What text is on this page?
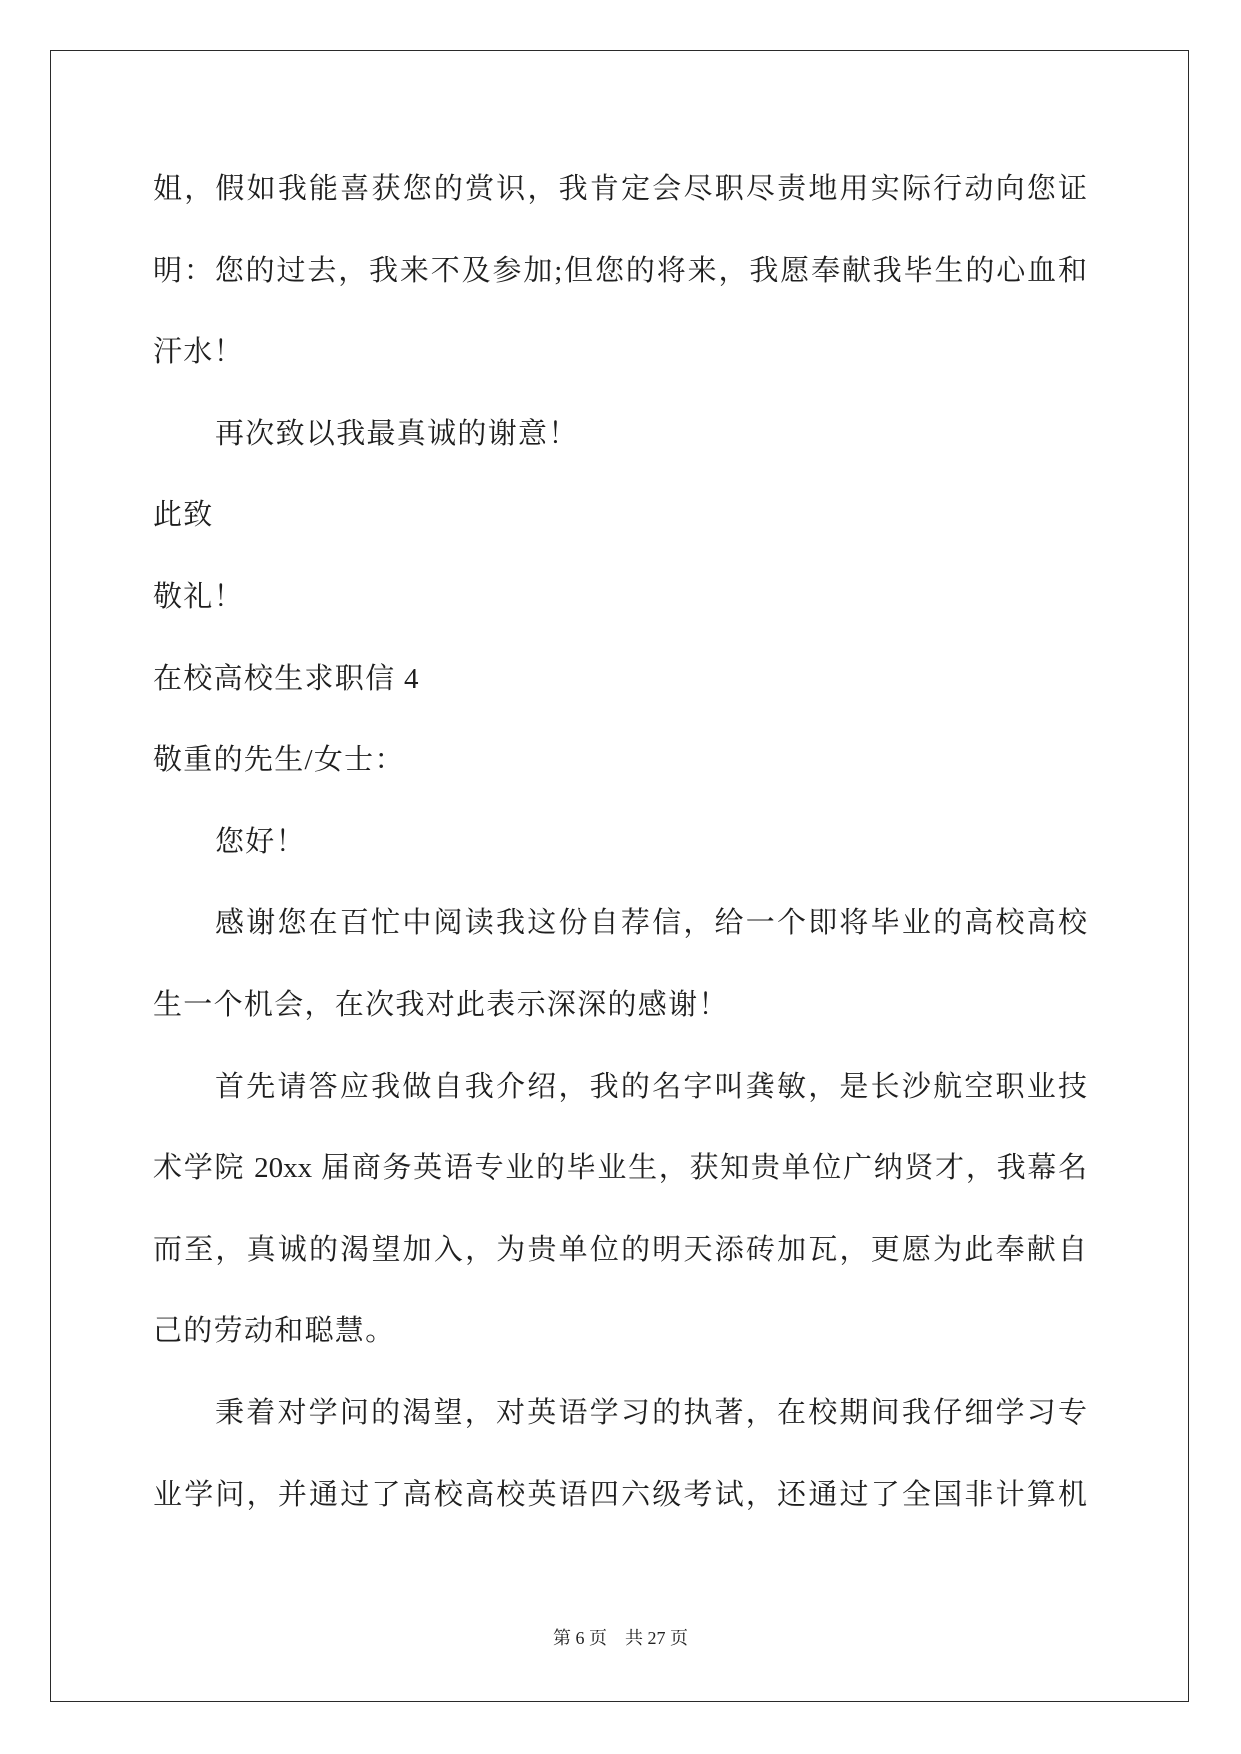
姐，假如我能喜获您的赏识，我肯定会尽职尽责地用实际行动向您证
明：您的过去，我来不及参加;但您的将来，我愿奉献我毕生的心血和
汗水！
再次致以我最真诚的谢意！
此致
敬礼！
在校高校生求职信 4
敬重的先生/女士：
您好！
感谢您在百忙中阅读我这份自荐信，给一个即将毕业的高校高校
生一个机会，在次我对此表示深深的感谢！
首先请答应我做自我介绍，我的名字叫龚敏，是长沙航空职业技
术学院 20xx 届商务英语专业的毕业生，获知贵单位广纳贤才，我幕名
而至，真诚的渴望加入，为贵单位的明天添砖加瓦，更愿为此奉献自
己的劳动和聪慧。
秉着对学问的渴望，对英语学习的执著，在校期间我仔细学习专
业学问，并通过了高校高校英语四六级考试，还通过了全国非计算机
第 6 页　共 27 页
